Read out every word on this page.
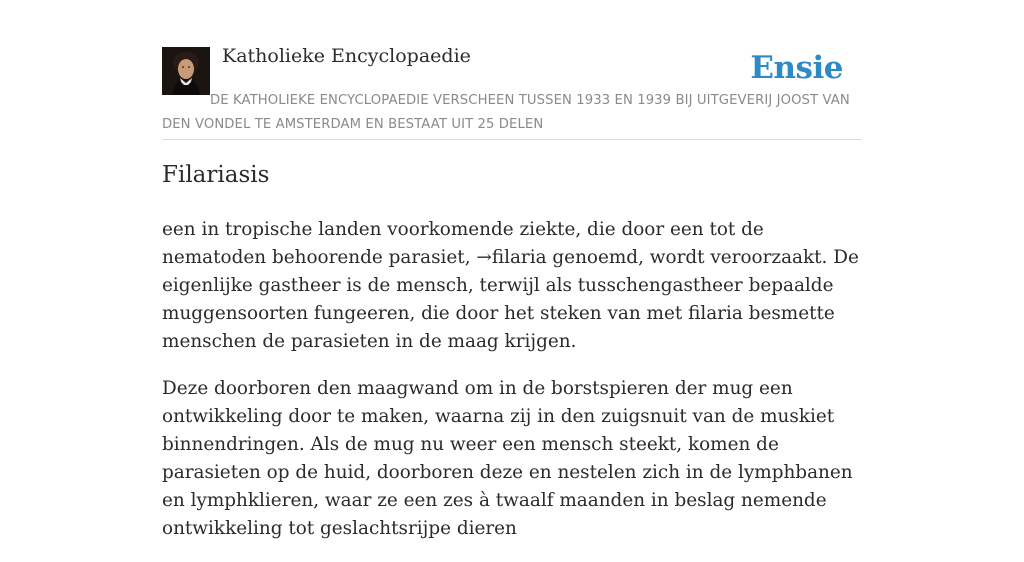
Katholieke Encyclopaedie	Ensie
DE KATHOLIEKE ENCYCLOPAEDIE VERSCHEEN TUSSEN 1933 EN 1939 BIJ UITGEVERIJ JOOST VAN DEN VONDEL TE AMSTERDAM EN BESTAAT UIT 25 DELEN
Filariasis

een in tropische landen voorkomende ziekte, die door een tot de nematoden behoorende parasiet, →filaria genoemd, wordt veroorzaakt. De eigenlijke gastheer is de mensch, terwijl als tusschengastheer bepaalde muggensoorten fungeeren, die door het steken van met filaria besmette menschen de parasieten in de maag krijgen.

Deze doorboren den maagwand om in de borstspieren der mug een ontwikkeling door te maken, waarna zij in den zuigsnuit van de muskiet binnendringen. Als de mug nu weer een mensch steekt, komen de parasieten op de huid, doorboren deze en nestelen zich in de lymphbanen en lymphklieren, waar ze een zes à twaalf maanden in beslag nemende ontwikkeling tot geslachtsrijpe dieren
